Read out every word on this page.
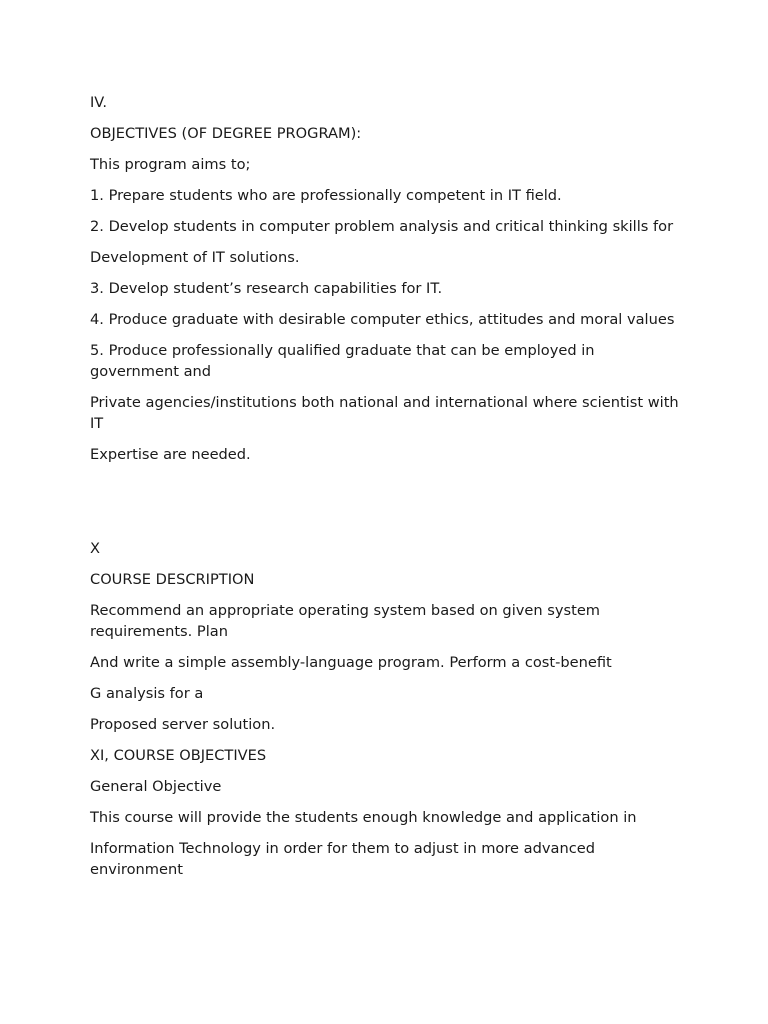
IV.

OBJECTIVES (OF DEGREE PROGRAM):

This program aims to;

1. Prepare students who are professionally competent in IT field.

2. Develop students in computer problem analysis and critical thinking skills for

Development of IT solutions.

3. Develop student’s research capabilities for IT.

4. Produce graduate with desirable computer ethics, attitudes and moral values

5. Produce professionally qualified graduate that can be employed in government and

Private agencies/institutions both national and international where scientist with IT

Expertise are needed.

X

COURSE DESCRIPTION

Recommend an appropriate operating system based on given system requirements. Plan

And write a simple assembly-language program. Perform a cost-benefit

G analysis for a

Proposed server solution.

XI, COURSE OBJECTIVES

General Objective

This course will provide the students enough knowledge and application in

Information Technology in order for them to adjust in more advanced environment
